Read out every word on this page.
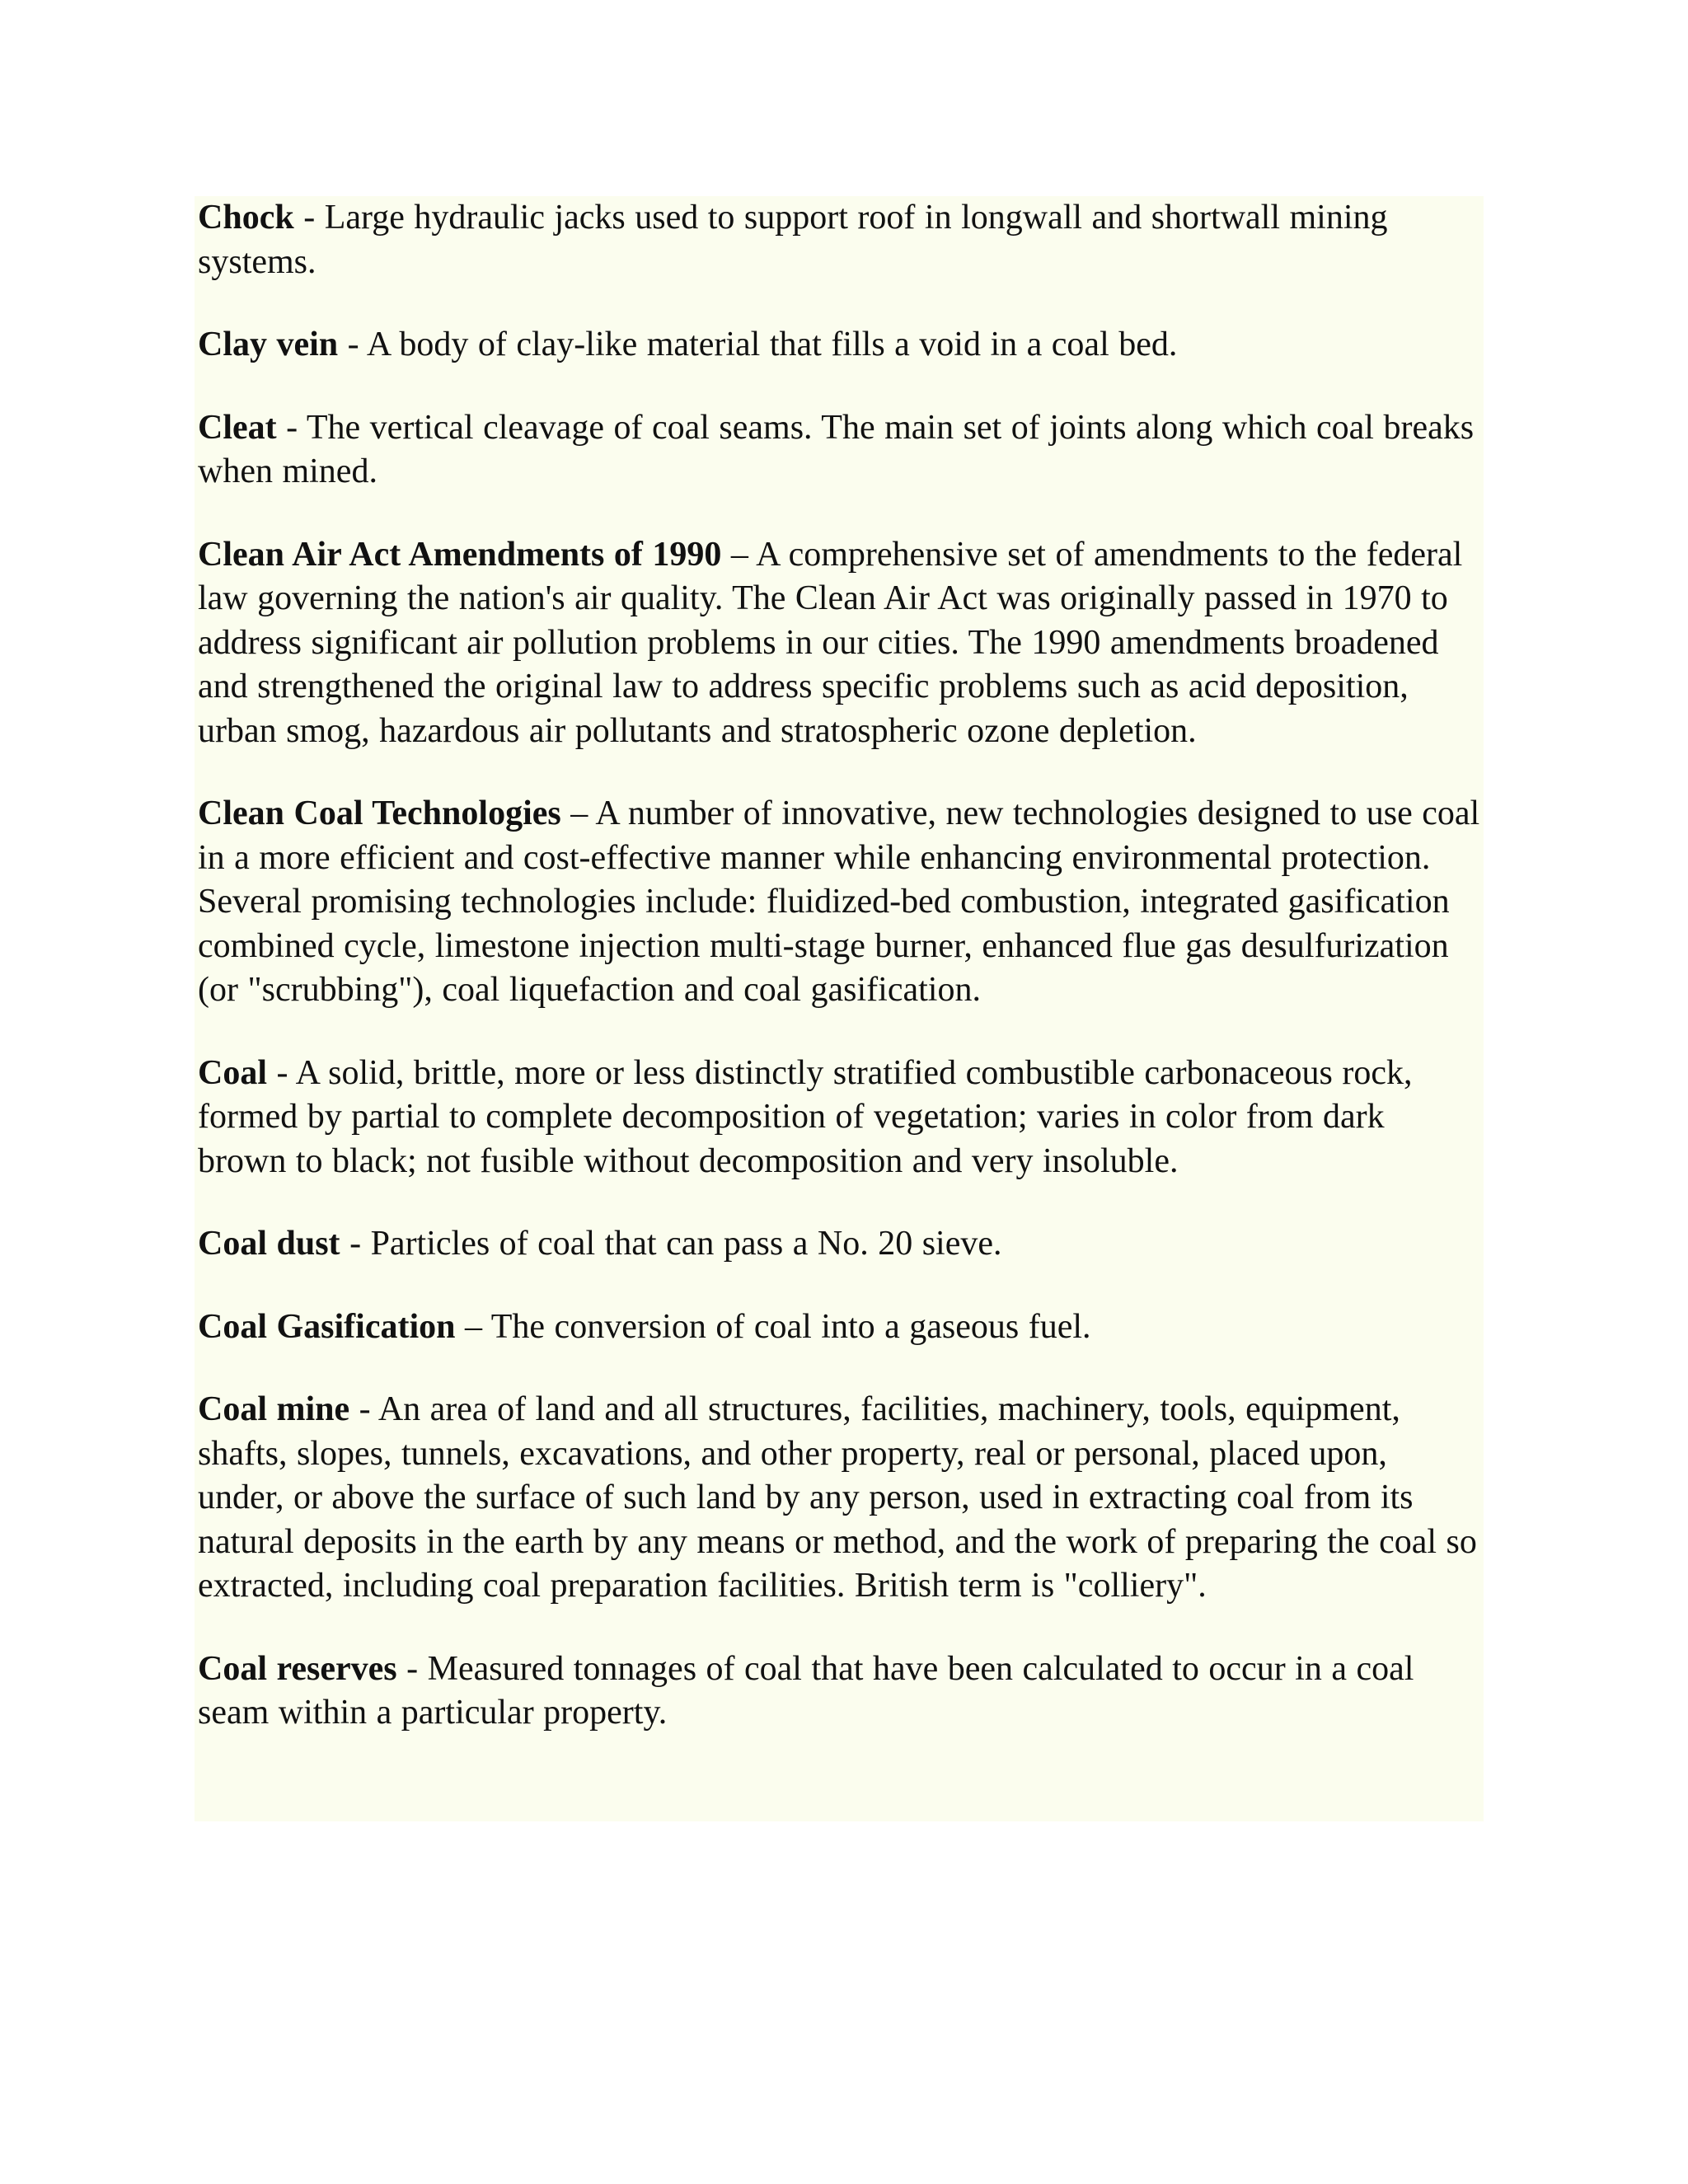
Chock - Large hydraulic jacks used to support roof in longwall and shortwall mining systems.

Clay vein - A body of clay-like material that fills a void in a coal bed.

Cleat - The vertical cleavage of coal seams. The main set of joints along which coal breaks when mined.

Clean Air Act Amendments of 1990 – A comprehensive set of amendments to the federal law governing the nation's air quality. The Clean Air Act was originally passed in 1970 to address significant air pollution problems in our cities. The 1990 amendments broadened and strengthened the original law to address specific problems such as acid deposition, urban smog, hazardous air pollutants and stratospheric ozone depletion.

Clean Coal Technologies – A number of innovative, new technologies designed to use coal in a more efficient and cost-effective manner while enhancing environmental protection. Several promising technologies include: fluidized-bed combustion, integrated gasification combined cycle, limestone injection multi-stage burner, enhanced flue gas desulfurization (or "scrubbing"), coal liquefaction and coal gasification.

Coal - A solid, brittle, more or less distinctly stratified combustible carbonaceous rock, formed by partial to complete decomposition of vegetation; varies in color from dark brown to black; not fusible without decomposition and very insoluble.

Coal dust - Particles of coal that can pass a No. 20 sieve.

Coal Gasification – The conversion of coal into a gaseous fuel.

Coal mine - An area of land and all structures, facilities, machinery, tools, equipment, shafts, slopes, tunnels, excavations, and other property, real or personal, placed upon, under, or above the surface of such land by any person, used in extracting coal from its natural deposits in the earth by any means or method, and the work of preparing the coal so extracted, including coal preparation facilities. British term is "colliery".

Coal reserves - Measured tonnages of coal that have been calculated to occur in a coal seam within a particular property.
